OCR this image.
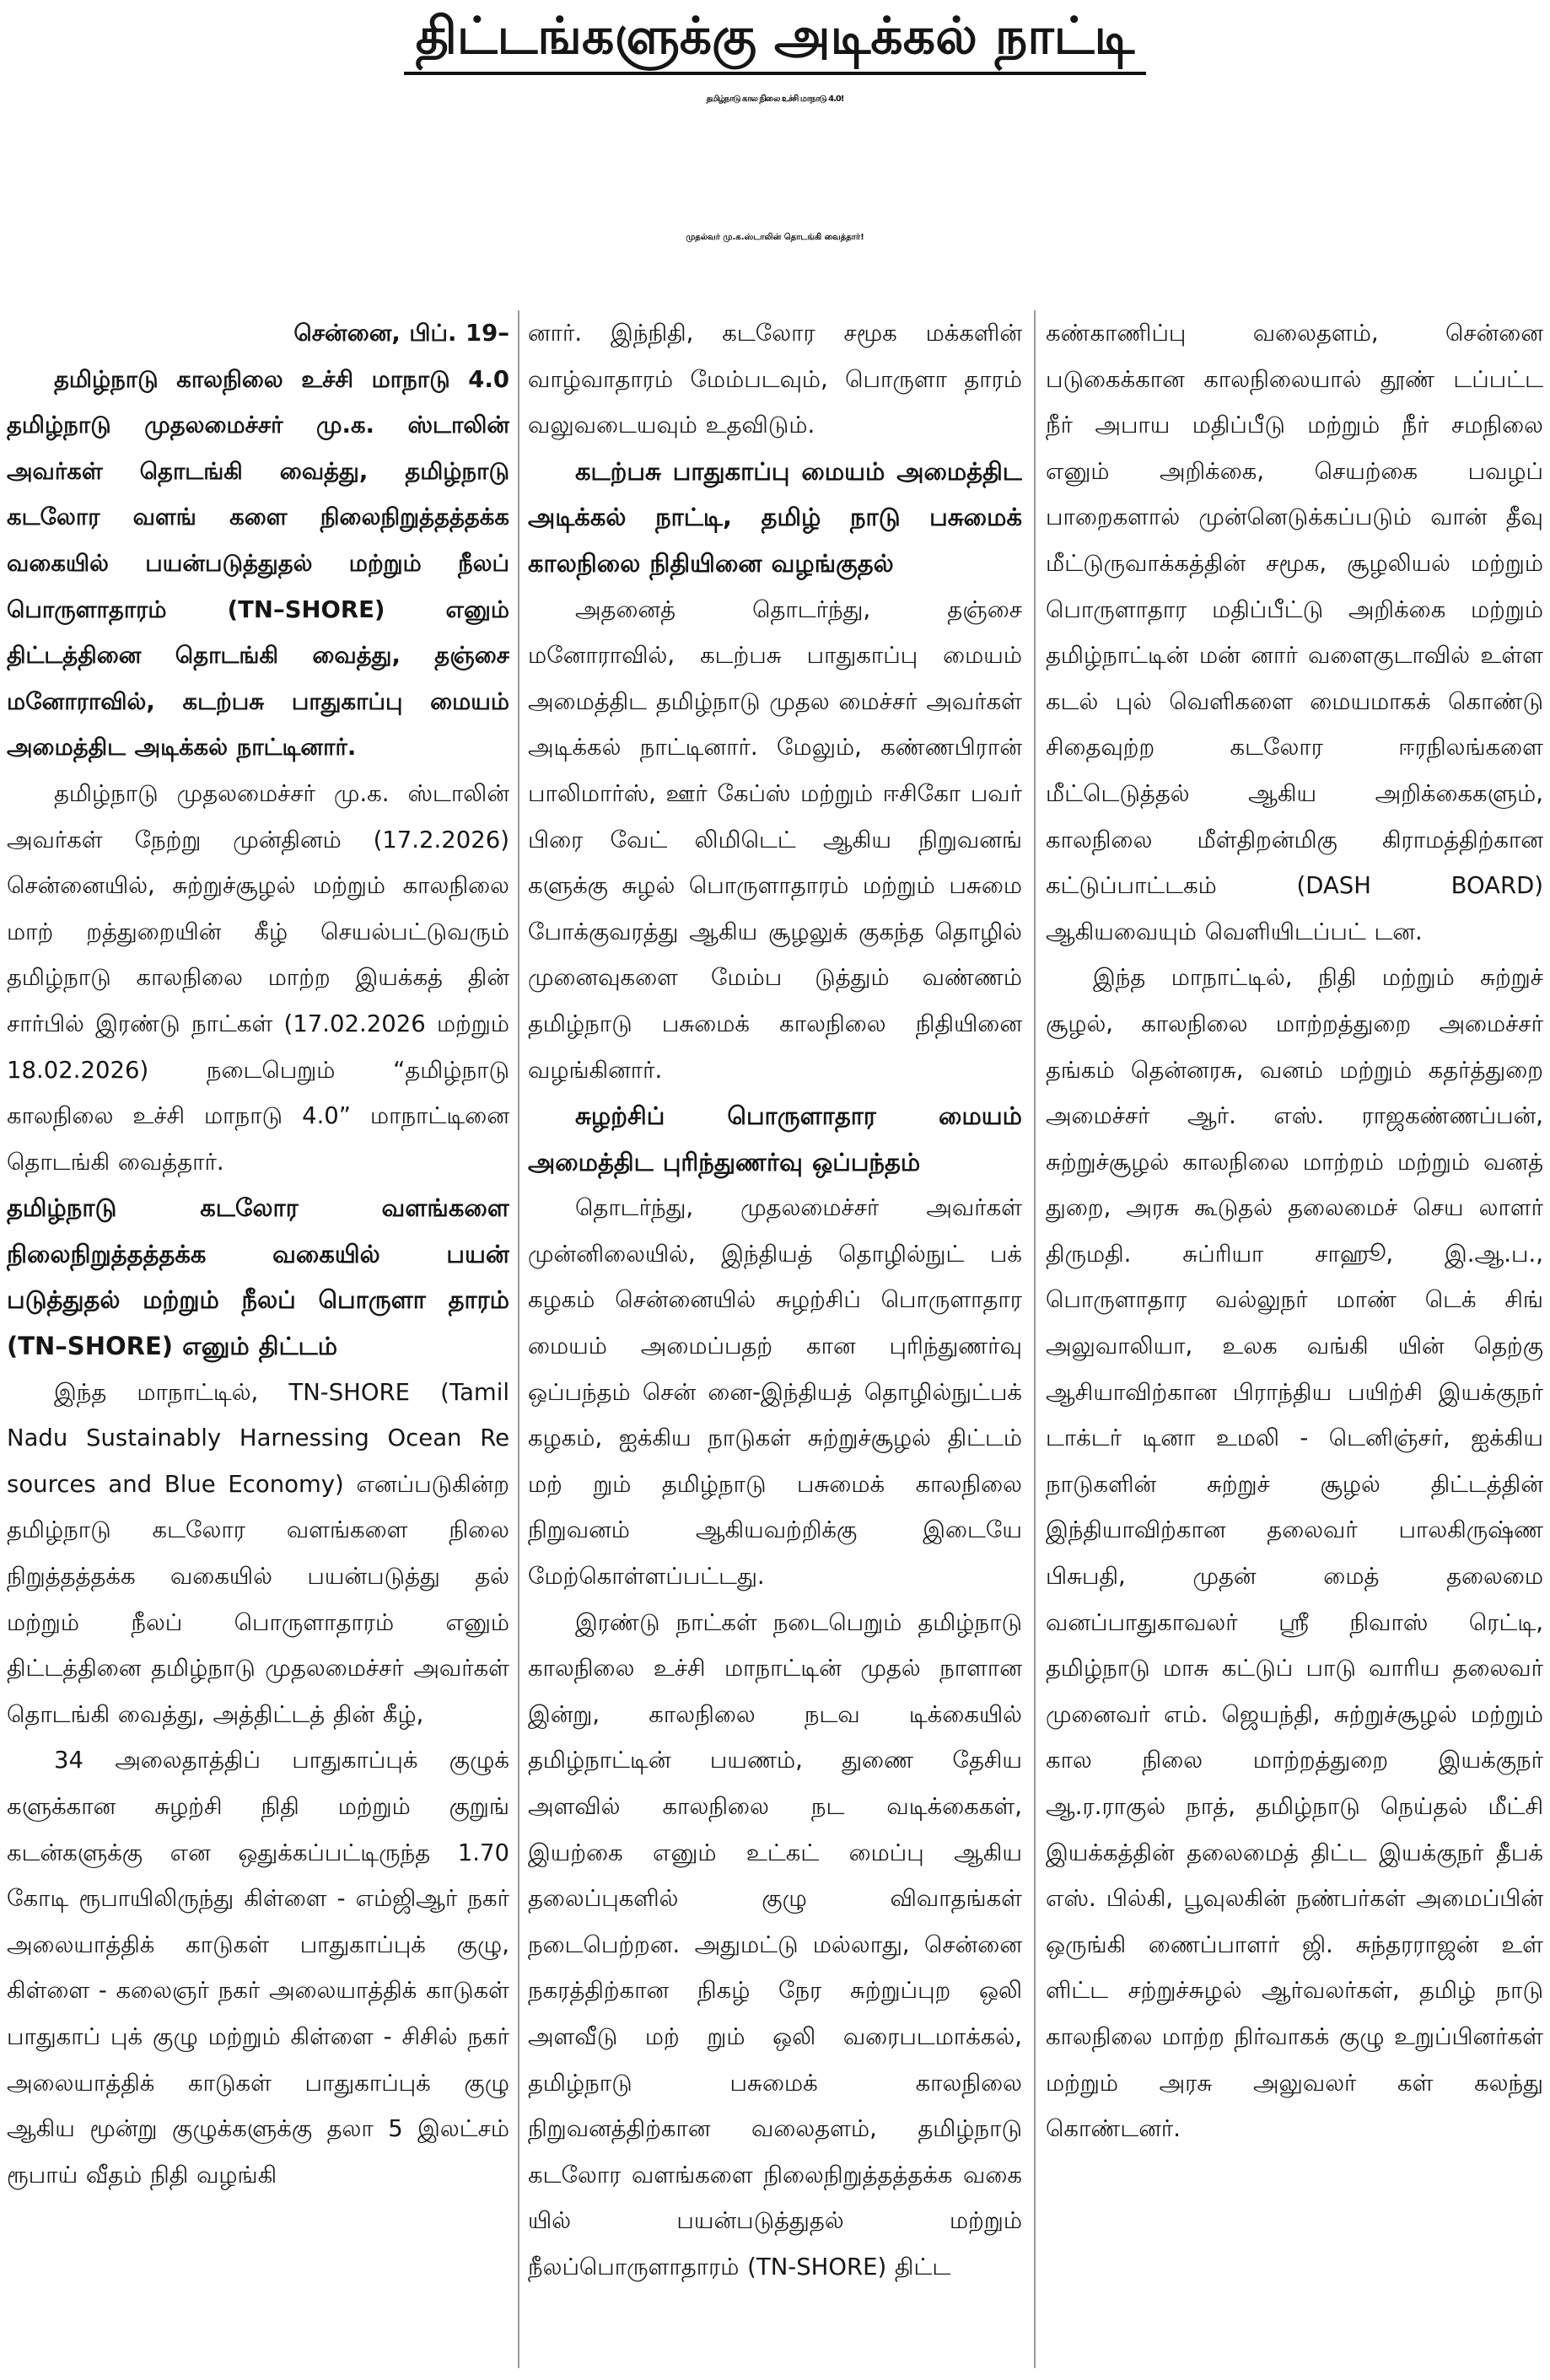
திட்டங்களுக்கு அடிக்கல் நாட்டி
தமிழ்நாடு கால நிலை உச்சி மாநாடு 4.0!
முதல்வர் மு.க.ஸ்டாலின் தொடங்கி வைத்தார்!

சென்னை, பிப். 19–

தமிழ்நாடு காலநிலை உச்சி மாநாடு 4.0 தமிழ்நாடு முதலமைச்சர் மு.க. ஸ்டாலின் அவர்கள் தொடங்கி வைத்து, தமிழ்நாடு கடலோர வளங் களை நிலைநிறுத்தத்தக்க வகையில் பயன்படுத்துதல் மற்றும் நீலப் பொருளாதாரம் (TN–SHORE) எனும் திட்டத்தினை தொடங்கி வைத்து, தஞ்சை மனோராவில், கடற்பசு பாதுகாப்பு மையம் அமைத்திட அடிக்கல் நாட்டினார்.

தமிழ்நாடு முதலமைச்சர் மு.க. ஸ்டாலின் அவர்கள் நேற்று முன்தினம் (17.2.2026) சென்னையில், சுற்றுச்சூழல் மற்றும் காலநிலை மாற் றத்துறையின் கீழ் செயல்பட்டுவரும் தமிழ்நாடு காலநிலை மாற்ற இயக்கத் தின் சார்பில் இரண்டு நாட்கள் (17.02.2026 மற்றும் 18.02.2026) நடைபெறும் “தமிழ்நாடு காலநிலை உச்சி மாநாடு 4.0” மாநாட்டினை தொடங்கி வைத்தார்.

தமிழ்நாடு கடலோர வளங்களை நிலைநிறுத்தத்தக்க வகையில் பயன் படுத்துதல் மற்றும் நீலப் பொருளா தாரம் (TN–SHORE) எனும் திட்டம்

இந்த மாநாட்டில், TN-SHORE (Tamil Nadu Sustainably Harnessing Ocean Re sources and Blue Economy) எனப்படுகின்ற தமிழ்நாடு கடலோர வளங்களை நிலை நிறுத்தத்தக்க வகையில் பயன்படுத்து தல் மற்றும் நீலப் பொருளாதாரம் எனும் திட்டத்தினை தமிழ்நாடு முதலமைச்சர் அவர்கள் தொடங்கி வைத்து, அத்திட்டத் தின் கீழ்,

34 அலைதாத்திப் பாதுகாப்புக் குழுக் களுக்கான சுழற்சி நிதி மற்றும் குறுங் கடன்களுக்கு என ஒதுக்கப்பட்டிருந்த 1.70 கோடி ரூபாயிலிருந்து கிள்ளை - எம்ஜிஆர் நகர் அலையாத்திக் காடுகள் பாதுகாப்புக் குழு, கிள்ளை - கலைஞர் நகர் அலையாத்திக் காடுகள் பாதுகாப் புக் குழு மற்றும் கிள்ளை - சிசில் நகர் அலையாத்திக் காடுகள் பாதுகாப்புக் குழு ஆகிய மூன்று குழுக்களுக்கு தலா 5 இலட்சம் ரூபாய் வீதம் நிதி வழங்கி

னார். இந்நிதி, கடலோர சமூக மக்களின் வாழ்வாதாரம் மேம்படவும், பொருளா தாரம் வலுவடையவும் உதவிடும்.

கடற்பசு பாதுகாப்பு மையம் அமைத்திட அடிக்கல் நாட்டி, தமிழ் நாடு பசுமைக் காலநிலை நிதியினை வழங்குதல்

அதனைத் தொடர்ந்து, தஞ்சை மனோராவில், கடற்பசு பாதுகாப்பு மையம் அமைத்திட தமிழ்நாடு முதல மைச்சர் அவர்கள் அடிக்கல் நாட்டினார். மேலும், கண்ணபிரான் பாலிமார்ஸ், ஊர் கேப்ஸ் மற்றும் ஈசிகோ பவர் பிரை வேட் லிமிடெட் ஆகிய நிறுவனங் களுக்கு சுழல் பொருளாதாரம் மற்றும் பசுமை போக்குவரத்து ஆகிய சூழலுக் குகந்த தொழில் முனைவுகளை மேம்ப டுத்தும் வண்ணம் தமிழ்நாடு பசுமைக் காலநிலை நிதியினை வழங்கினார்.

சுழற்சிப் பொருளாதார மையம் அமைத்திட புரிந்துணர்வு ஒப்பந்தம்

தொடர்ந்து, முதலமைச்சர் அவர்கள் முன்னிலையில், இந்தியத் தொழில்நுட் பக் கழகம் சென்னையில் சுழற்சிப் பொருளாதார மையம் அமைப்பதற் கான புரிந்துணர்வு ஒப்பந்தம் சென் னை-இந்தியத் தொழில்நுட்பக் கழகம், ஐக்கிய நாடுகள் சுற்றுச்சூழல் திட்டம் மற் றும் தமிழ்நாடு பசுமைக் காலநிலை நிறுவனம் ஆகியவற்றிக்கு இடையே மேற்கொள்ளப்பட்டது.

இரண்டு நாட்கள் நடைபெறும் தமிழ்நாடு காலநிலை உச்சி மாநாட்டின் முதல் நாளான இன்று, காலநிலை நடவ டிக்கையில் தமிழ்நாட்டின் பயணம், துணை தேசிய அளவில் காலநிலை நட வடிக்கைகள், இயற்கை எனும் உட்கட் மைப்பு ஆகிய தலைப்புகளில் குழு விவாதங்கள் நடைபெற்றன. அதுமட்டு மல்லாது, சென்னை நகரத்திற்கான நிகழ் நேர சுற்றுப்புற ஒலி அளவீடு மற் றும் ஒலி வரைபடமாக்கல், தமிழ்நாடு பசுமைக் காலநிலை நிறுவனத்திற்கான வலைதளம், தமிழ்நாடு கடலோர வளங்களை நிலைநிறுத்தத்தக்க வகை யில் பயன்படுத்துதல் மற்றும் நீலப்பொருளாதாரம் (TN-SHORE) திட்ட

கண்காணிப்பு வலைதளம், சென்னை படுகைக்கான காலநிலையால் தூண் டப்பட்ட நீர் அபாய மதிப்பீடு மற்றும் நீர் சமநிலை எனும் அறிக்கை, செயற்கை பவழப் பாறைகளால் முன்னெடுக்கப்படும் வான் தீவு மீட்டுருவாக்கத்தின் சமூக, சூழலியல் மற்றும் பொருளாதார மதிப்பீட்டு அறிக்கை மற்றும் தமிழ்நாட்டின் மன் னார் வளைகுடாவில் உள்ள கடல் புல் வெளிகளை மையமாகக் கொண்டு சிதைவுற்ற கடலோர ஈரநிலங்களை மீட்டெடுத்தல் ஆகிய அறிக்கைகளும், காலநிலை மீள்திறன்மிகு கிராமத்திற்கான கட்டுப்பாட்டகம் (DASH BOARD) ஆகியவையும் வெளியிடப்பட் டன.

இந்த மாநாட்டில், நிதி மற்றும் சுற்றுச் சூழல், காலநிலை மாற்றத்துறை அமைச்சர் தங்கம் தென்னரசு, வனம் மற்றும் கதர்த்துறை அமைச்சர் ஆர். எஸ். ராஜகண்ணப்பன், சுற்றுச்சூழல் காலநிலை மாற்றம் மற்றும் வனத் துறை, அரசு கூடுதல் தலைமைச் செய லாளர் திருமதி. சுப்ரியா சாஹூ, இ.ஆ.ப., பொருளாதார வல்லுநர் மாண் டெக் சிங் அலுவாலியா, உலக வங்கி யின் தெற்கு ஆசியாவிற்கான பிராந்திய பயிற்சி இயக்குநர் டாக்டர் டினா உமலி - டெனிஞ்சர், ஐக்கிய நாடுகளின் சுற்றுச் சூழல் திட்டத்தின் இந்தியாவிற்கான தலைவர் பாலகிருஷ்ண பிசுபதி, முதன் மைத் தலைமை வனப்பாதுகாவலர் ஸ்ரீ நிவாஸ் ரெட்டி, தமிழ்நாடு மாசு கட்டுப் பாடு வாரிய தலைவர் முனைவர் எம். ஜெயந்தி, சுற்றுச்சூழல் மற்றும் கால நிலை மாற்றத்துறை இயக்குநர் ஆ.ர.ராகுல் நாத், தமிழ்நாடு நெய்தல் மீட்சி இயக்கத்தின் தலைமைத் திட்ட இயக்குநர் தீபக் எஸ். பில்கி, பூவுலகின் நண்பர்கள் அமைப்பின் ஒருங்கி ணைப்பாளர் ஜி. சுந்தரராஜன் உள் ளிட்ட சற்றுச்சுழல் ஆர்வலர்கள், தமிழ் நாடு காலநிலை மாற்ற நிர்வாகக் குழு உறுப்பினர்கள் மற்றும் அரசு அலுவலர் கள் கலந்து கொண்டனர்.
